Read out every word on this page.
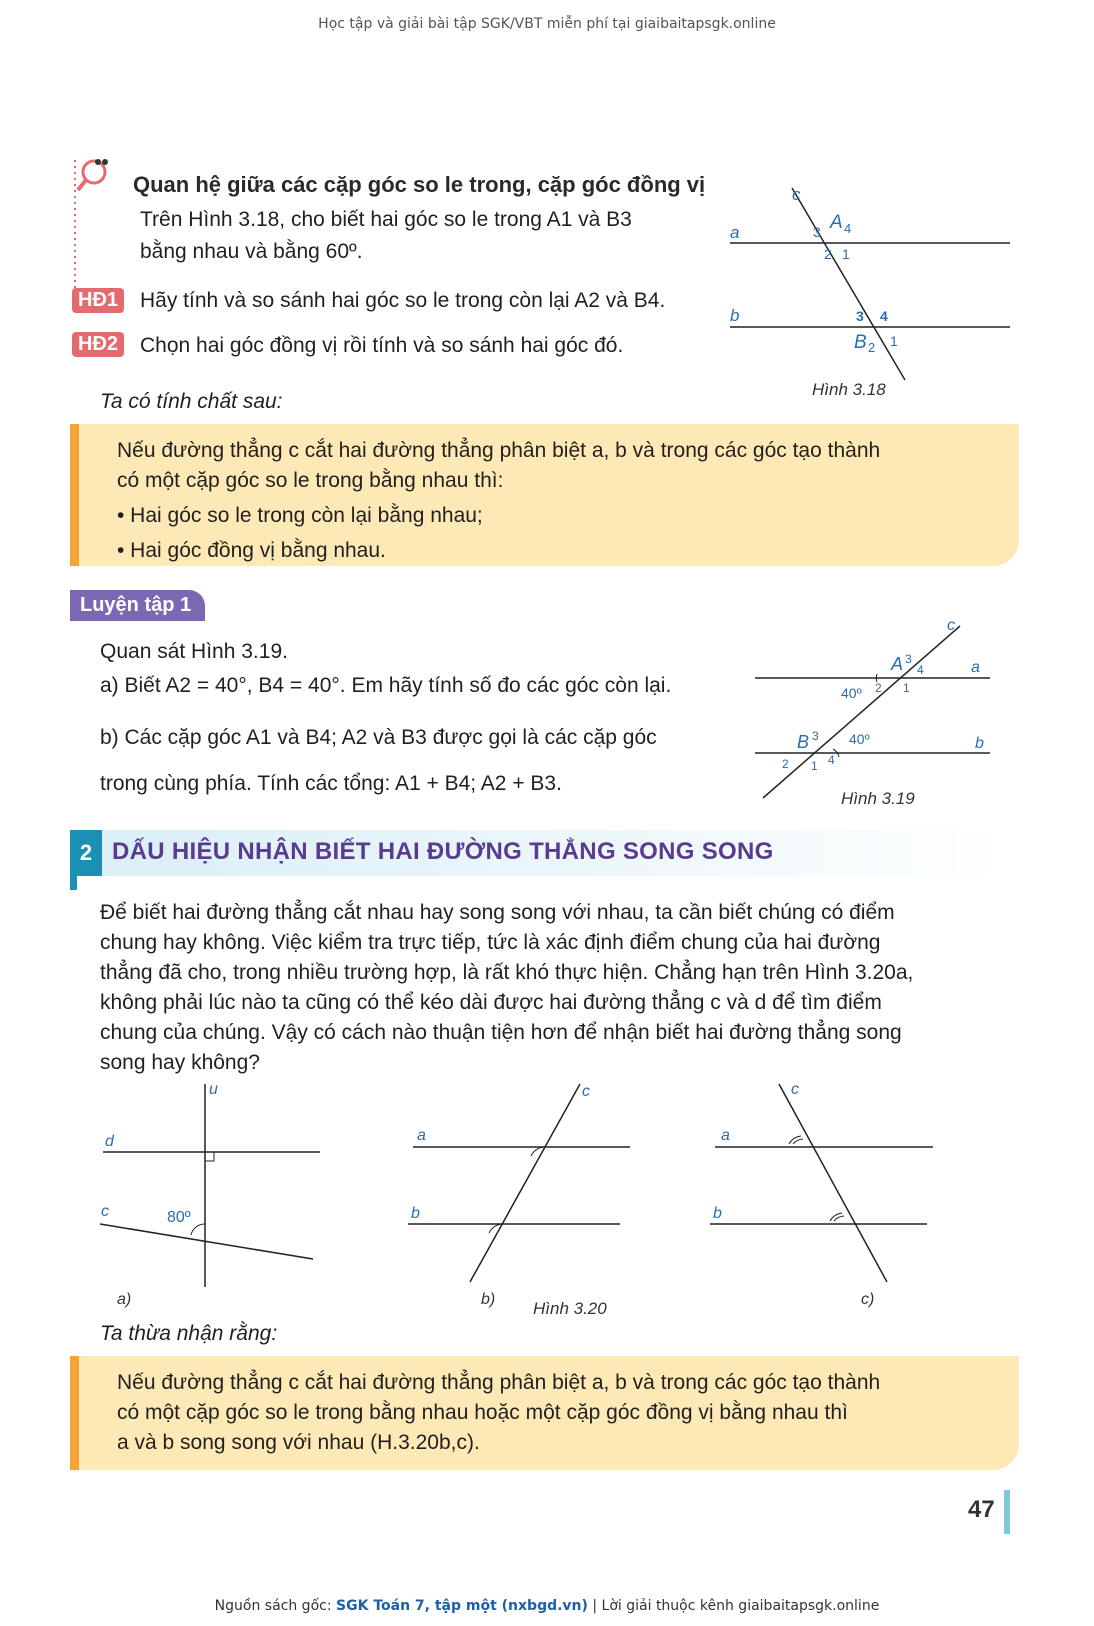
Học tập và giải bài tập SGK/VBT miễn phí tại giaibaitapsgk.online
Quan hệ giữa các cặp góc so le trong, cặp góc đồng vị
Trên Hình 3.18, cho biết hai góc so le trong A1 và B3
bằng nhau và bằng 60º.
HĐ1 Hãy tính và so sánh hai góc so le trong còn lại A2 và B4.
HĐ2 Chọn hai góc đồng vị rồi tính và so sánh hai góc đó.
c
a
b
A 4
3
2 1
3 4
B 2 1
Hình 3.18
Ta có tính chất sau:

Nếu đường thẳng c cắt hai đường thẳng phân biệt a, b và trong các góc tạo thành

có một cặp góc so le trong bằng nhau thì:

• Hai góc so le trong còn lại bằng nhau;

• Hai góc đồng vị bằng nhau.

Luyện tập 1
Quan sát Hình 3.19.
a) Biết A2 = 40°, B4 = 40°. Em hãy tính số đo các góc còn lại.
b) Các cặp góc A1 và B4; A2 và B3 được gọi là các cặp góc
trong cùng phía. Tính các tổng: A1 + B4; A2 + B3.
c
a
b
A 3
4
2 1
40º
B 3
4
2 1
40º
Hình 3.19
2 DẤU HIỆU NHẬN BIẾT HAI ĐƯỜNG THẲNG SONG SONG
Để biết hai đường thẳng cắt nhau hay song song với nhau, ta cần biết chúng có điểm
chung hay không. Việc kiểm tra trực tiếp, tức là xác định điểm chung của hai đường
thẳng đã cho, trong nhiều trường hợp, là rất khó thực hiện. Chẳng hạn trên Hình 3.20a,
không phải lúc nào ta cũng có thể kéo dài được hai đường thẳng c và d để tìm điểm
chung của chúng. Vậy có cách nào thuận tiện hơn để nhận biết hai đường thẳng song
song hay không?
u
d
c	80º
a)
c
a
b
b) Hình 3.20
c
a
b
c)
Ta thừa nhận rằng:

Nếu đường thẳng c cắt hai đường thẳng phân biệt a, b và trong các góc tạo thành

có một cặp góc so le trong bằng nhau hoặc một cặp góc đồng vị bằng nhau thì

a và b song song với nhau (H.3.20b,c).

47
Nguồn sách gốc: SGK Toán 7, tập một (nxbgd.vn) | Lời giải thuộc kênh giaibaitapsgk.online
